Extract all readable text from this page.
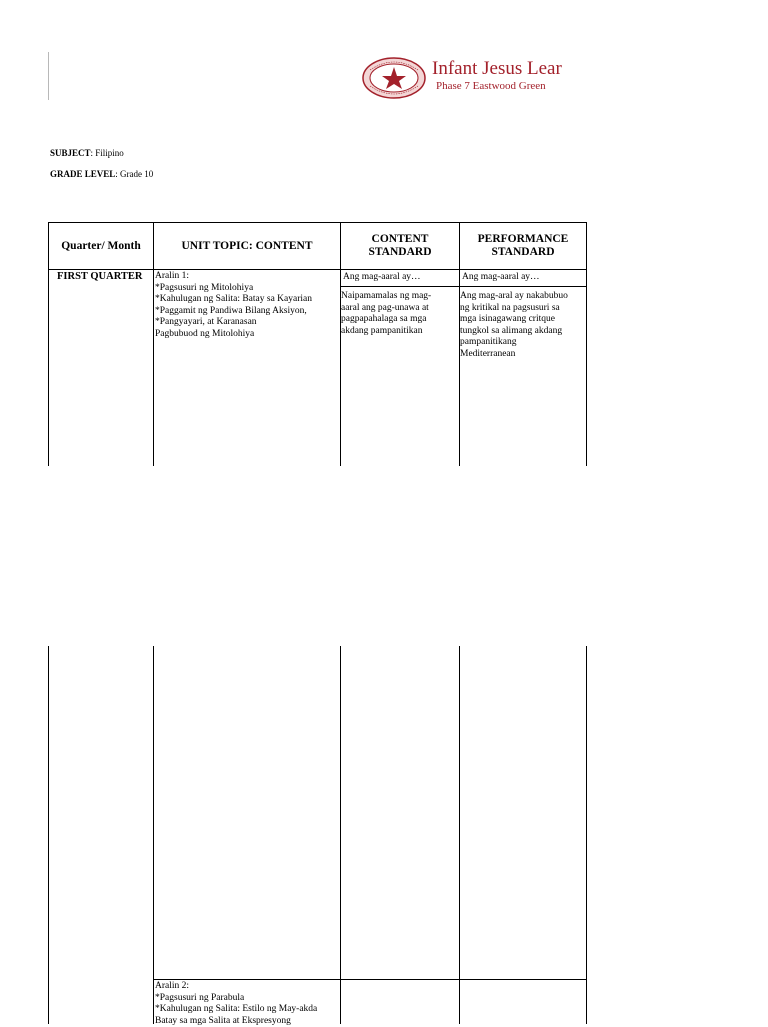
Infant Jesus Lear
Phase 7 Eastwood Green
SUBJECT: Filipino
GRADE LEVEL: Grade 10
Quarter/ Month	UNIT TOPIC: CONTENT
CONTENT
STANDARD
PERFORMANCE
STANDARD
FIRST QUARTER Aralin 1:
*Pagsusuri ng Mitolohiya
*Kahulugan ng Salita: Batay sa Kayarian
*Paggamit ng Pandiwa Bilang Aksiyon,
*Pangyayari, at Karanasan
Pagbubuod ng Mitolohiya
Ang mag-aaral ay…
Naipamamalas ng mag-
aaral ang pag-unawa at
pagpapahalaga sa mga
akdang pampanitikan
Ang mag-aaral ay…
Ang mag-aral ay nakabubuo
ng kritikal na pagsusuri sa
mga isinagawang critque
tungkol sa alimang akdang
pampanitikang
Mediterranean
Aralin 2:
*Pagsusuri ng Parabula
*Kahulugan ng Salita: Estilo ng May-akda
Batay sa mga Salita at Ekspresyong
